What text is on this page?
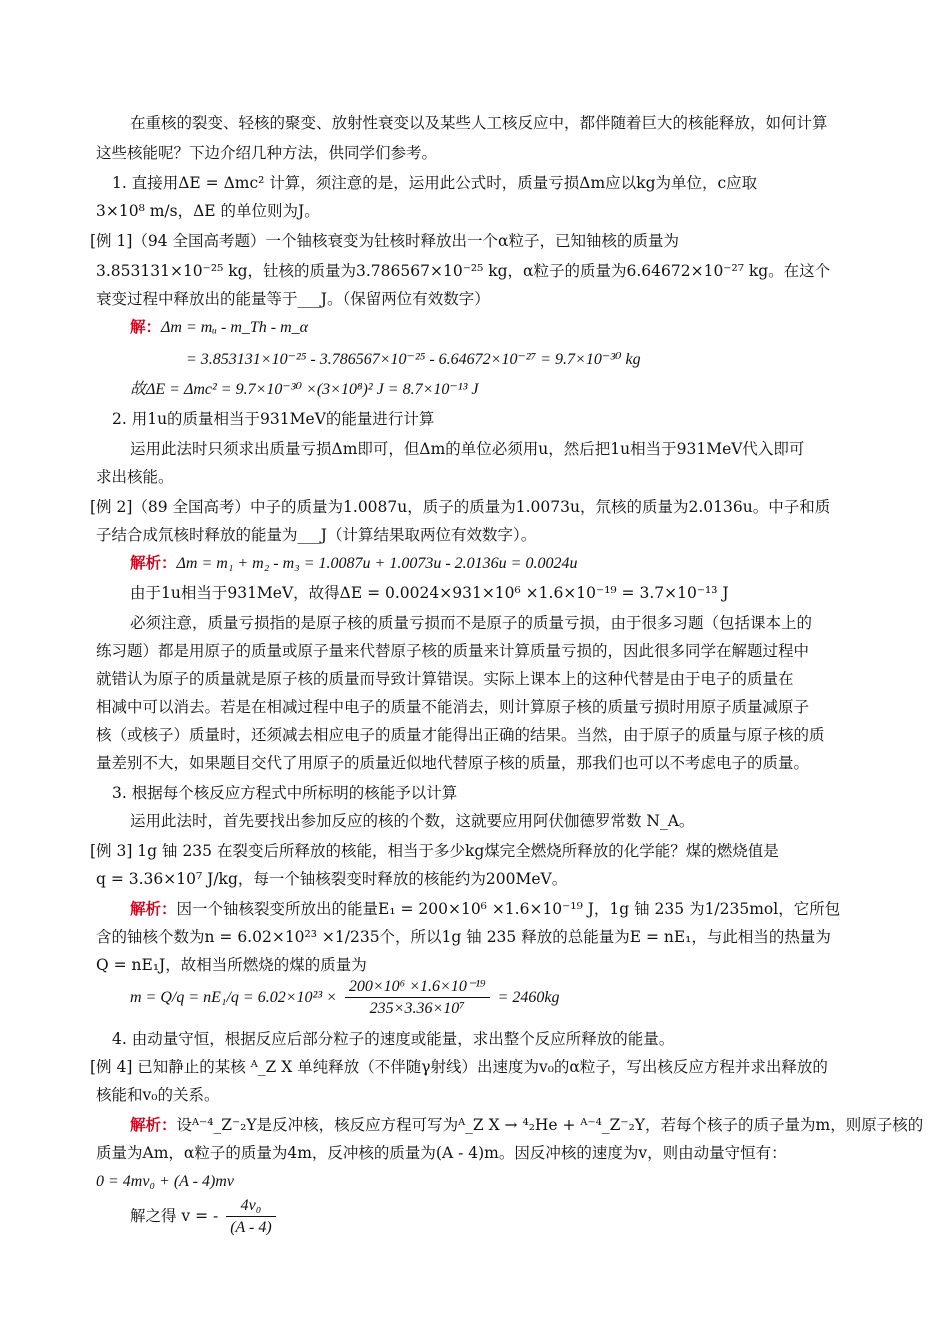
在重核的裂变、轻核的聚变、放射性衰变以及某些人工核反应中，都伴随着巨大的核能释放，如何计算
这些核能呢？下边介绍几种方法，供同学们参考。
1. 直接用ΔE = Δmc² 计算，须注意的是，运用此公式时，质量亏损Δm应以kg为单位，c应取
3×10⁸ m/s，ΔE 的单位则为J。
[例 1]（94 全国高考题）一个铀核衰变为钍核时释放出一个α粒子，已知铀核的质量为
3.853131×10⁻²⁵ kg，钍核的质量为3.786567×10⁻²⁵ kg，α粒子的质量为6.64672×10⁻²⁷ kg。在这个
衰变过程中释放出的能量等于___J。（保留两位有效数字）
解：Δm = mᵤ - m_Th - m_α
= 3.853131×10⁻²⁵ - 3.786567×10⁻²⁵ - 6.64672×10⁻²⁷ = 9.7×10⁻³⁰ kg
故ΔE = Δmc² = 9.7×10⁻³⁰ ×(3×10⁸)² J = 8.7×10⁻¹³ J
2. 用1u的质量相当于931MeV的能量进行计算
运用此法时只须求出质量亏损Δm即可，但Δm的单位必须用u，然后把1u相当于931MeV代入即可
求出核能。
[例 2]（89 全国高考）中子的质量为1.0087u，质子的质量为1.0073u，氘核的质量为2.0136u。中子和质
子结合成氘核时释放的能量为___J（计算结果取两位有效数字）。
解析：Δm = m₁ + m₂ - m₃ = 1.0087u + 1.0073u - 2.0136u = 0.0024u
由于1u相当于931MeV，故得ΔE = 0.0024×931×10⁶ ×1.6×10⁻¹⁹ = 3.7×10⁻¹³ J
必须注意，质量亏损指的是原子核的质量亏损而不是原子的质量亏损，由于很多习题（包括课本上的
练习题）都是用原子的质量或原子量来代替原子核的质量来计算质量亏损的，因此很多同学在解题过程中
就错认为原子的质量就是原子核的质量而导致计算错误。实际上课本上的这种代替是由于电子的质量在
相减中可以消去。若是在相减过程中电子的质量不能消去，则计算原子核的质量亏损时用原子质量减原子
核（或核子）质量时，还须减去相应电子的质量才能得出正确的结果。当然，由于原子的质量与原子核的质
量差别不大，如果题目交代了用原子的质量近似地代替原子核的质量，那我们也可以不考虑电子的质量。
3. 根据每个核反应方程式中所标明的核能予以计算
运用此法时，首先要找出参加反应的核的个数，这就要应用阿伏伽德罗常数 N_A。
[例 3] 1g 铀 235 在裂变后所释放的核能，相当于多少kg煤完全燃烧所释放的化学能？煤的燃烧值是
q = 3.36×10⁷ J/kg，每一个铀核裂变时释放的核能约为200MeV。
解析：因一个铀核裂变所放出的能量E₁ = 200×10⁶ ×1.6×10⁻¹⁹ J，1g 铀 235 为1/235mol，它所包
含的铀核个数为n = 6.02×10²³ ×1/235个，所以1g 铀 235 释放的总能量为E = nE₁，与此相当的热量为
Q = nE₁J，故相当所燃烧的煤的质量为
$m = Q/q = nE_1/q = 6.02\times 10^{23} \times \frac{\text{200×10⁶ ×1.6×10⁻¹⁹}}{\text{235×3.36×10⁷}} = 2460kg$
4. 由动量守恒，根据反应后部分粒子的速度或能量，求出整个反应所释放的能量。
[例 4] 已知静止的某核 ᴬ_Z X 单纯释放（不伴随γ射线）出速度为v₀的α粒子，写出核反应方程并求出释放的
核能和v₀的关系。
解析：设ᴬ⁻⁴_Z⁻₂Y是反冲核，核反应方程可写为ᴬ_Z X → ⁴₂He + ᴬ⁻⁴_Z⁻₂Y，若每个核子的质子量为m，则原子核的
质量为Am，α粒子的质量为4m，反冲核的质量为(A - 4)m。因反冲核的速度为v，则由动量守恒有：
0 = 4mv₀ + (A - 4)mv
解之得 v = - $\frac{\text{4v₀}}{(A - 4)}$
